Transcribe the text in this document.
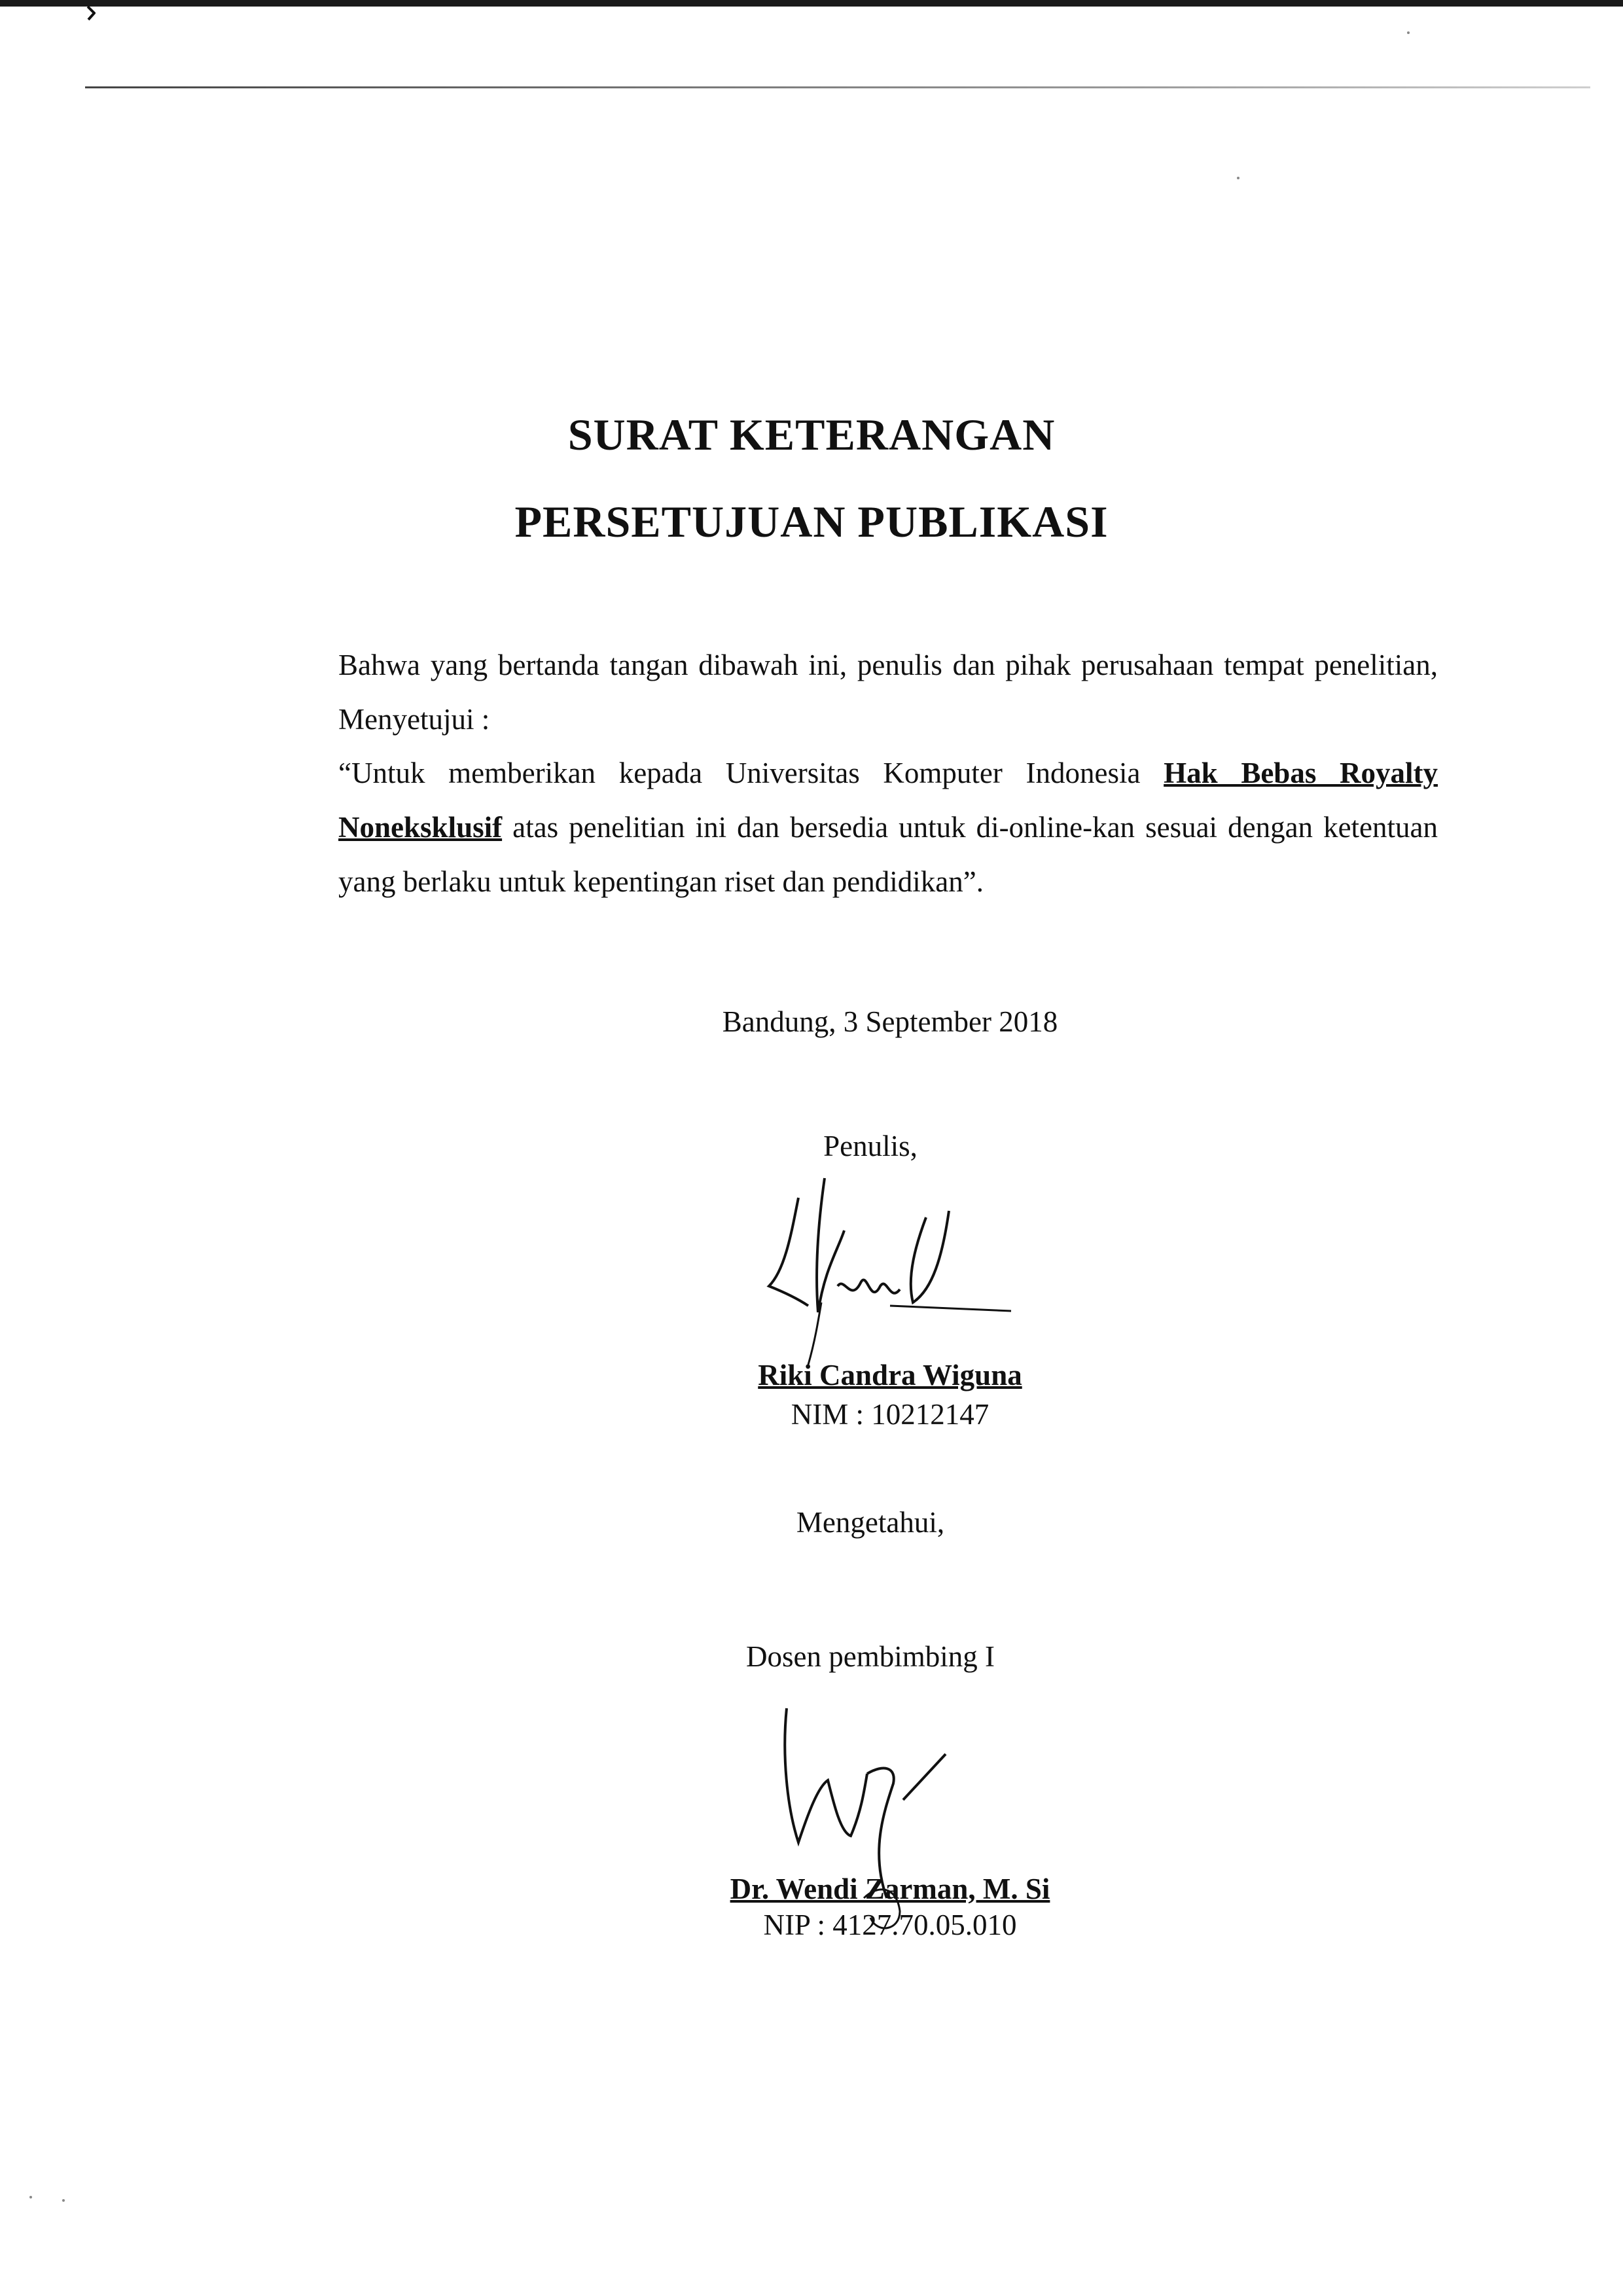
SURAT KETERANGAN
PERSETUJUAN PUBLIKASI

Bahwa yang bertanda tangan dibawah ini, penulis dan pihak perusahaan tempat penelitian, Menyetujui :

“Untuk memberikan kepada Universitas Komputer Indonesia Hak Bebas Royalty Noneksklusif atas penelitian ini dan bersedia untuk di-online-kan sesuai dengan ketentuan yang berlaku untuk kepentingan riset dan pendidikan”.

Bandung, 3 September 2018

Penulis,

Riki Candra Wiguna

NIM : 10212147

Mengetahui,

Dosen pembimbing I

Dr. Wendi Zarman, M. Si

NIP : 4127.70.05.010
